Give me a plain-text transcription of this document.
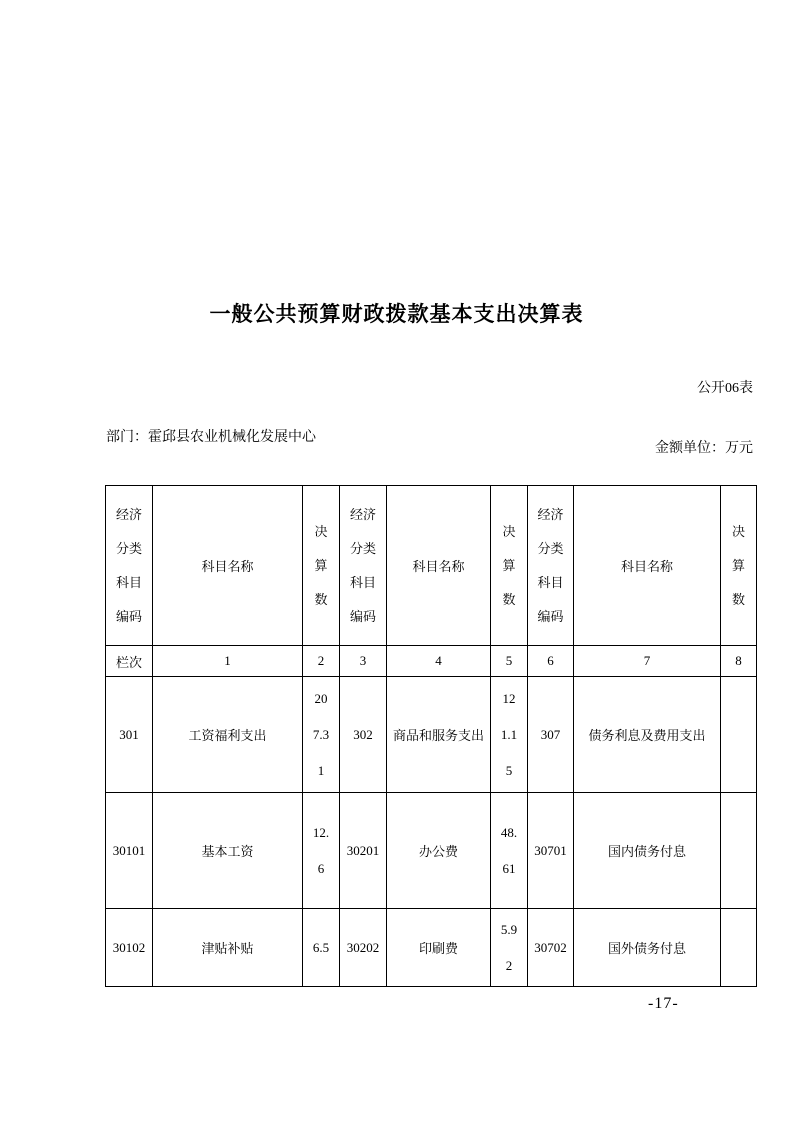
一般公共预算财政拨款基本支出决算表
公开06表
部门：霍邱县农业机械化发展中心
金额单位：万元
经济分类科目编码	科目名称	决算数	经济分类科目编码	科目名称	决算数	经济分类科目编码	科目名称	决算数
栏次	1	2	3	4	5	6	7	8
301	工资福利支出	207.31	302	商品和服务支出	121.15	307	债务利息及费用支出	
30101	基本工资	12.6	30201	办公费	48.61	30701	国内债务付息	
30102	津贴补贴	6.5	30202	印刷费	5.92	30702	国外债务付息	
-17-
